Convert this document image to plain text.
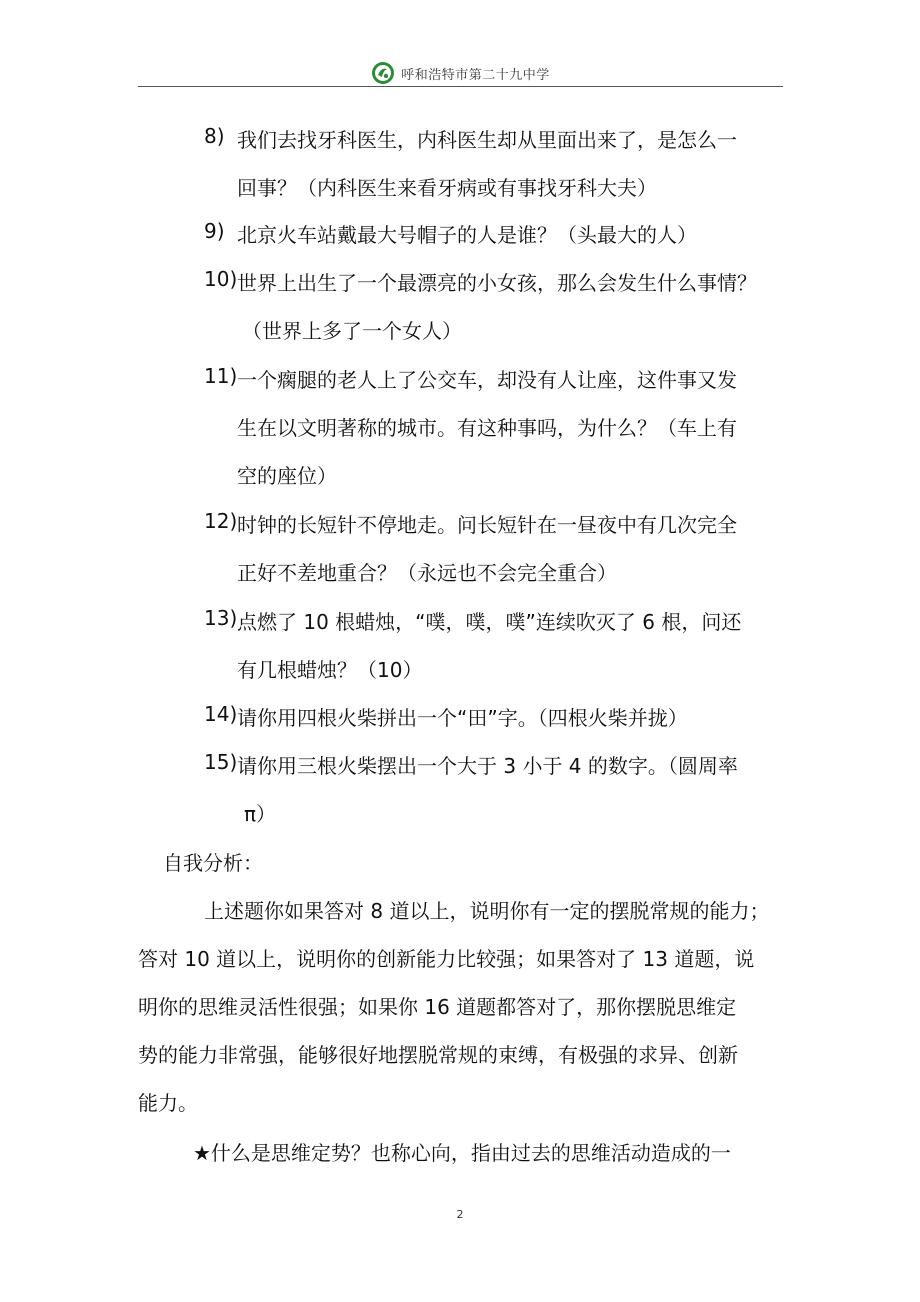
呼和浩特市第二十九中学
8) 我们去找牙科医生，内科医生却从里面出来了，是怎么一
回事？（内科医生来看牙病或有事找牙科大夫）
9) 北京火车站戴最大号帽子的人是谁？（头最大的人）
10) 世界上出生了一个最漂亮的小女孩，那么会发生什么事情？
（世界上多了一个女人）
11) 一个瘸腿的老人上了公交车，却没有人让座，这件事又发
生在以文明著称的城市。有这种事吗，为什么？（车上有
空的座位）
12) 时钟的长短针不停地走。问长短针在一昼夜中有几次完全
正好不差地重合？（永远也不会完全重合）
13) 点燃了 10 根蜡烛，“噗，噗，噗”连续吹灭了 6 根，问还
有几根蜡烛？（10）
14) 请你用四根火柴拼出一个“田”字。（四根火柴并拢）
15) 请你用三根火柴摆出一个大于 3 小于 4 的数字。（圆周率
π）
自我分析：
上述题你如果答对 8 道以上，说明你有一定的摆脱常规的能力；
答对 10 道以上，说明你的创新能力比较强；如果答对了 13 道题，说
明你的思维灵活性很强；如果你 16 道题都答对了，那你摆脱思维定
势的能力非常强，能够很好地摆脱常规的束缚，有极强的求异、创新
能力。
★什么是思维定势？也称心向，指由过去的思维活动造成的一
2
